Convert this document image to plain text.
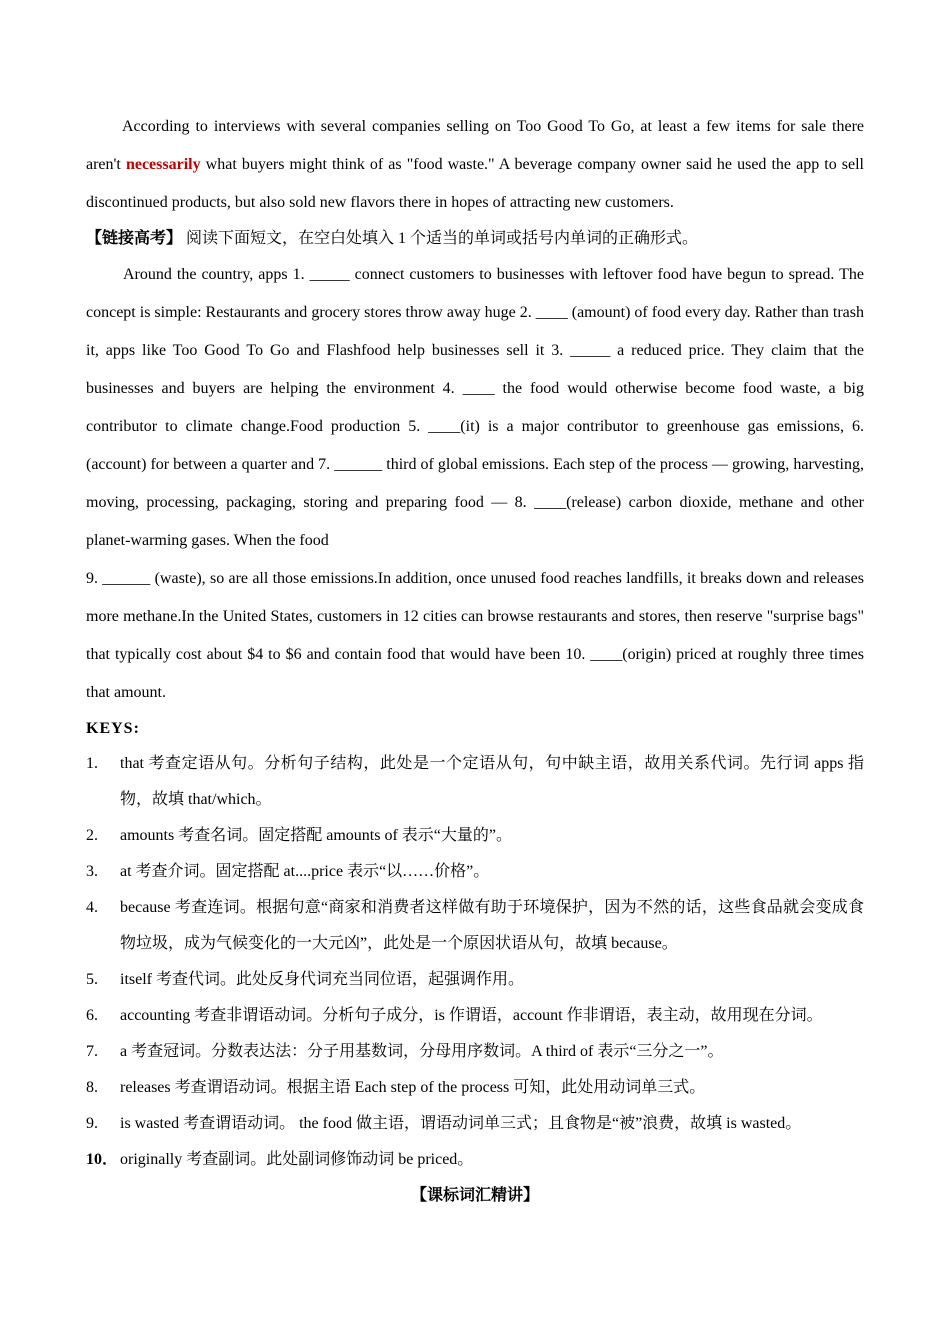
According to interviews with several companies selling on Too Good To Go, at least a few items for sale there aren't necessarily what buyers might think of as "food waste." A beverage company owner said he used the app to sell discontinued products, but also sold new flavors there in hopes of attracting new customers.

【链接高考】 阅读下面短文，在空白处填入 1 个适当的单词或括号内单词的正确形式。

Around the country, apps 1. _____ connect customers to businesses with leftover food have begun to spread. The concept is simple: Restaurants and grocery stores throw away huge 2. ____ (amount) of food every day. Rather than trash it, apps like Too Good To Go and Flashfood help businesses sell it 3. _____ a reduced price. They claim that the businesses and buyers are helping the environment 4. ____ the food would otherwise become food waste, a big contributor to climate change.Food production 5. ____(it) is a major contributor to greenhouse gas emissions, 6. (account) for between a quarter and 7. ______ third of global emissions. Each step of the process — growing, harvesting, moving, processing, packaging, storing and preparing food — 8. ____(release) carbon dioxide, methane and other planet-warming gases. When the food

9. ______ (waste), so are all those emissions.In addition, once unused food reaches landfills, it breaks down and releases more methane.In the United States, customers in 12 cities can browse restaurants and stores, then reserve "surprise bags" that typically cost about $4 to $6 and contain food that would have been 10. ____(origin) priced at roughly three times that amount.

KEYS:

1.	that 考查定语从句。分析句子结构，此处是一个定语从句，句中缺主语，故用关系代词。先行词 apps 指物，故填 that/which。
2.	amounts 考查名词。固定搭配 amounts of 表示“大量的”。
3.	at 考查介词。固定搭配 at....price 表示“以……价格”。
4.	because 考查连词。根据句意“商家和消费者这样做有助于环境保护，因为不然的话，这些食品就会变成食物垃圾，成为气候变化的一大元凶”，此处是一个原因状语从句，故填 because。
5.	itself 考查代词。此处反身代词充当同位语，起强调作用。
6.	accounting 考查非谓语动词。分析句子成分，is 作谓语，account 作非谓语，表主动，故用现在分词。
7.	a 考查冠词。分数表达法：分子用基数词，分母用序数词。A third of 表示“三分之一”。
8.	releases 考查谓语动词。根据主语 Each step of the process 可知，此处用动词单三式。
9.	is wasted 考查谓语动词。 the food 做主语，谓语动词单三式；且食物是“被”浪费，故填 is wasted。
10． originally 考查副词。此处副词修饰动词 be priced。

【课标词汇精讲】
